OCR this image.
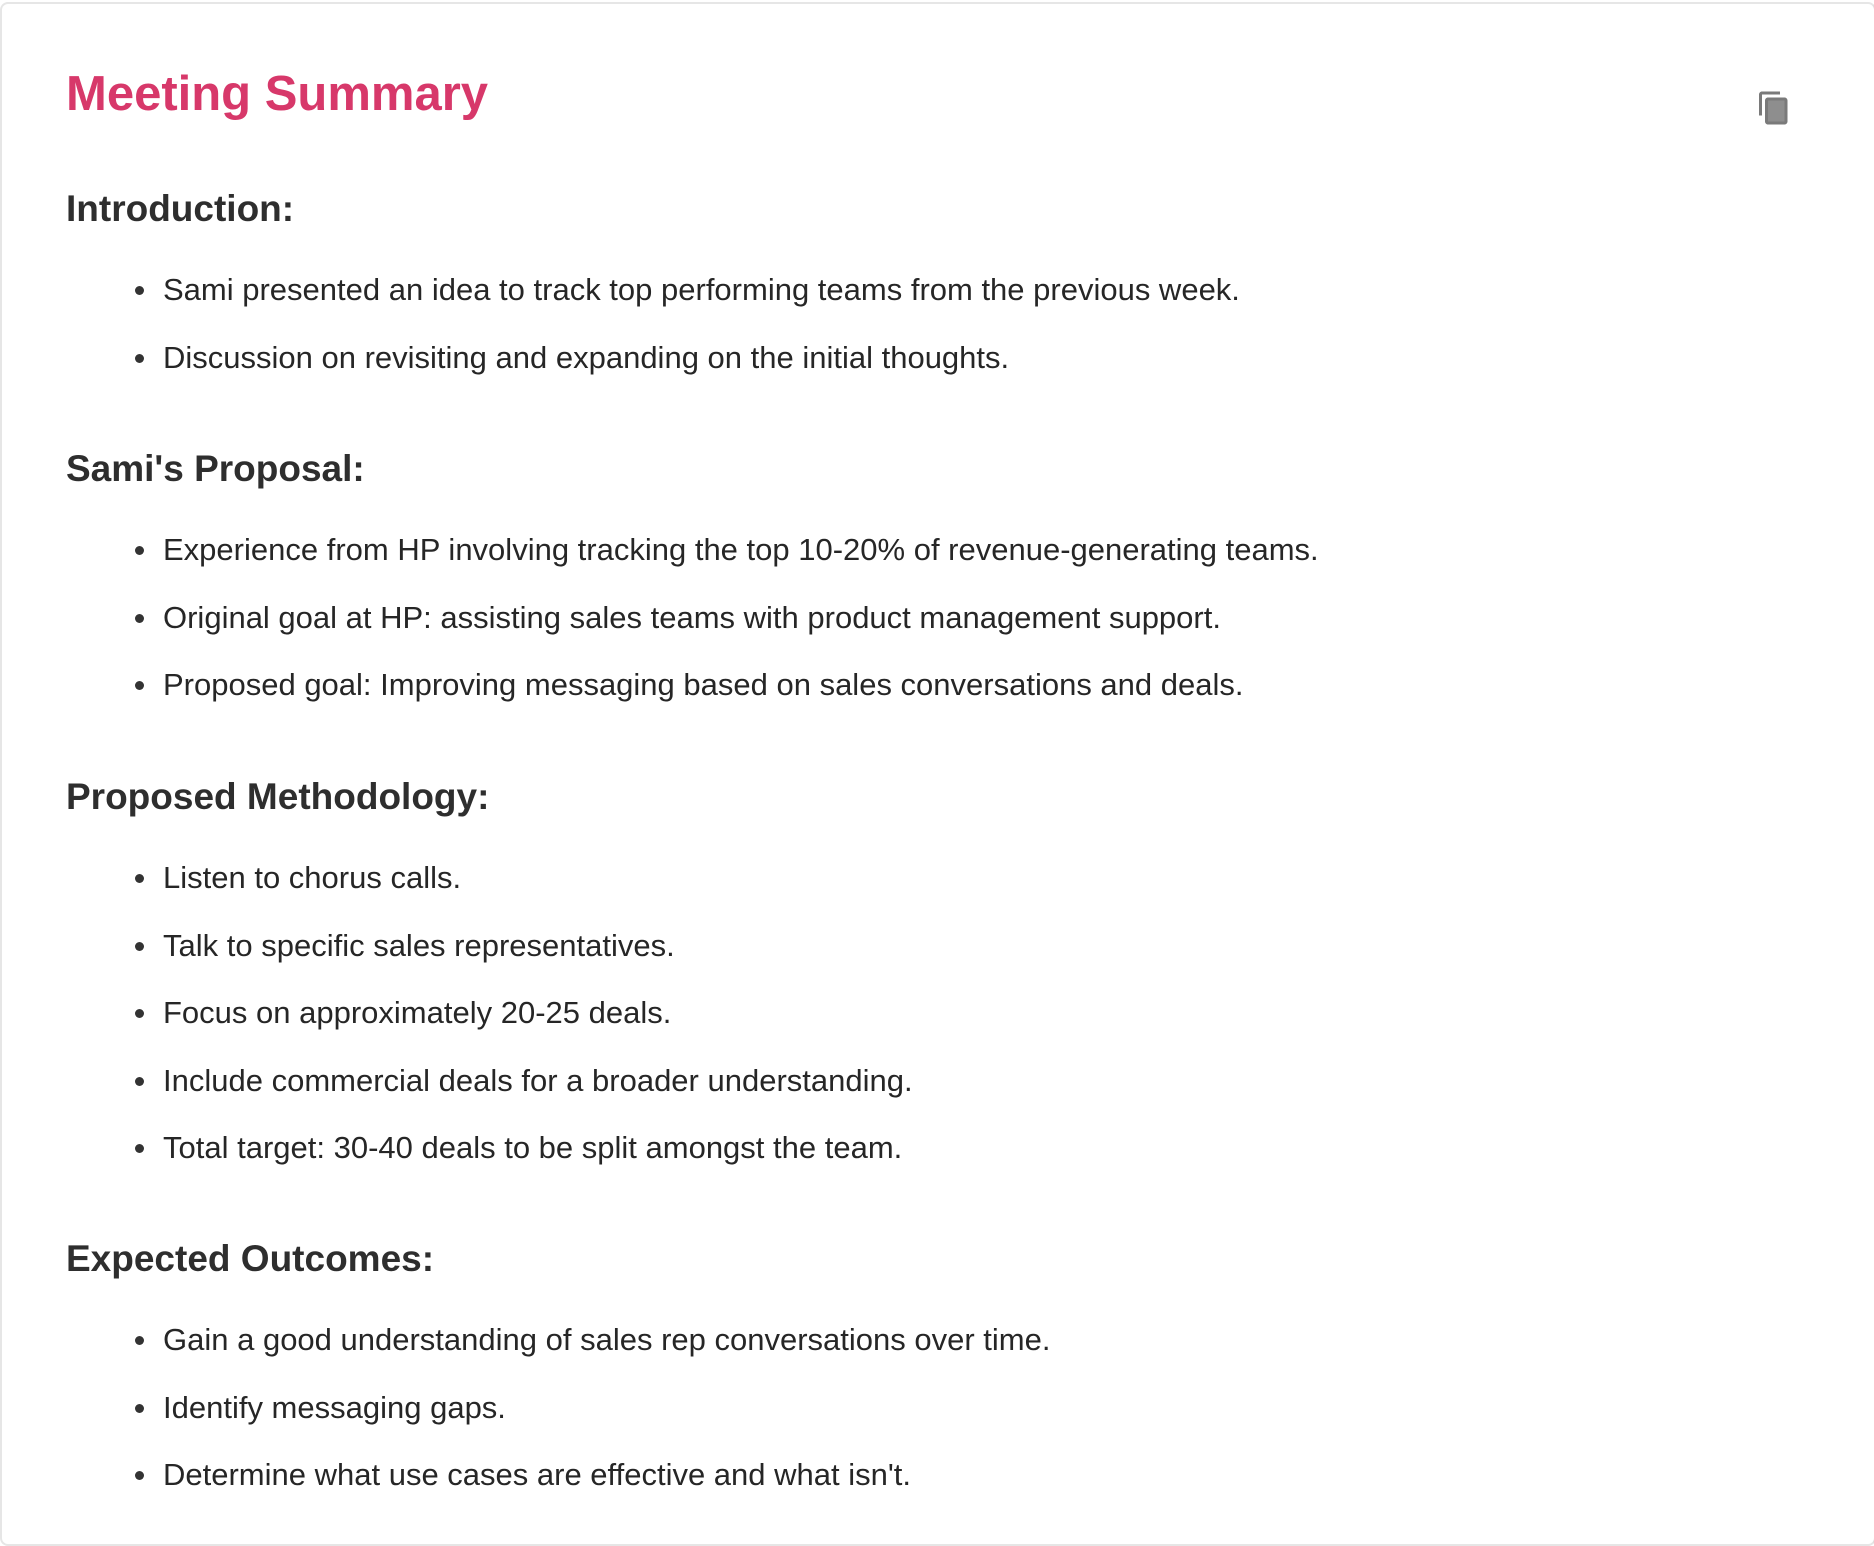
Meeting Summary
Introduction:
Sami presented an idea to track top performing teams from the previous week.
Discussion on revisiting and expanding on the initial thoughts.
Sami's Proposal:
Experience from HP involving tracking the top 10-20% of revenue-generating teams.
Original goal at HP: assisting sales teams with product management support.
Proposed goal: Improving messaging based on sales conversations and deals.
Proposed Methodology:
Listen to chorus calls.
Talk to specific sales representatives.
Focus on approximately 20-25 deals.
Include commercial deals for a broader understanding.
Total target: 30-40 deals to be split amongst the team.
Expected Outcomes:
Gain a good understanding of sales rep conversations over time.
Identify messaging gaps.
Determine what use cases are effective and what isn't.
